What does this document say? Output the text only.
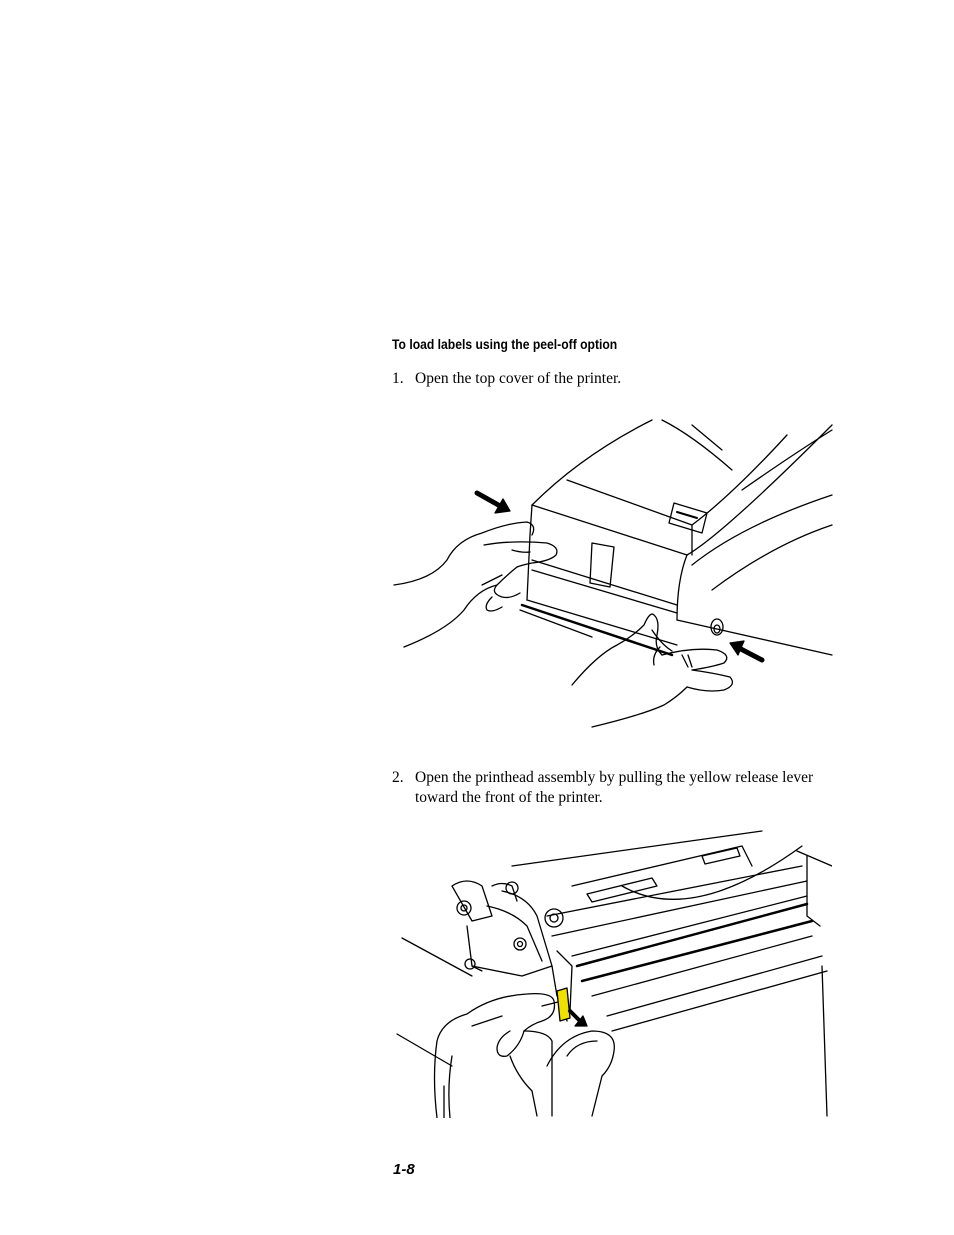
To load labels using the peel-off option
1. Open the top cover of the printer.
2. Open the printhead assembly by pulling the yellow release lever toward the front of the printer.
1-8
